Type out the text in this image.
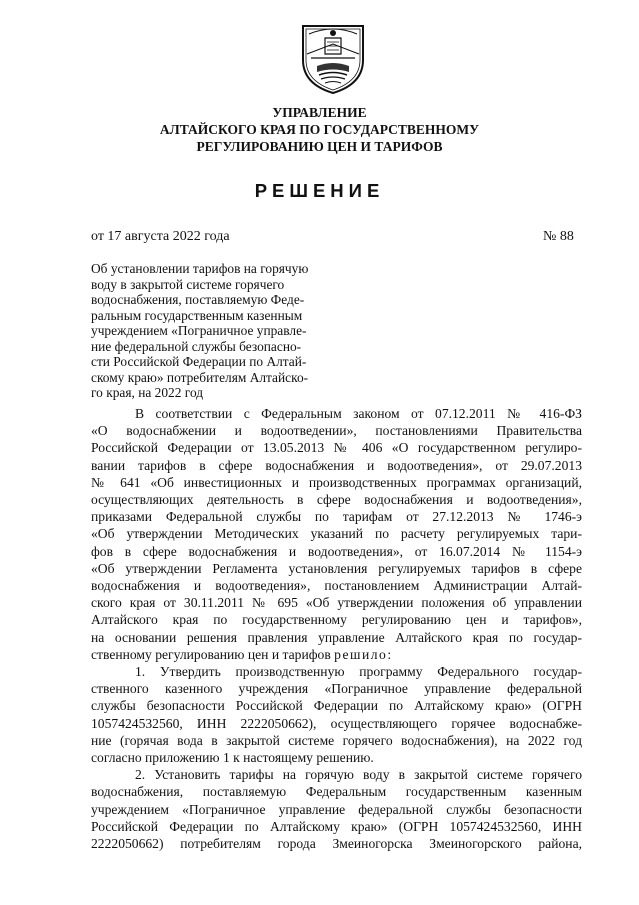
УПРАВЛЕНИЕ
АЛТАЙСКОГО КРАЯ ПО ГОСУДАРСТВЕННОМУ
РЕГУЛИРОВАНИЮ ЦЕН И ТАРИФОВ
РЕШЕНИЕ
от 17 августа 2022 года	№ 88
Об установлении тарифов на горячую
воду в закрытой системе горячего
водоснабжения, поставляемую Феде-
ральным государственным казенным
учреждением «Пограничное управле-
ние федеральной службы безопасно-
сти Российской Федерации по Алтай-
скому краю» потребителям Алтайско-
го края, на 2022 год
В соответствии с Федеральным законом от 07.12.2011 № 416-ФЗ
«О водоснабжении и водоотведении», постановлениями Правительства
Российской Федерации от 13.05.2013 № 406 «О государственном регулиро-
вании тарифов в сфере водоснабжения и водоотведения», от 29.07.2013
№ 641 «Об инвестиционных и производственных программах организаций,
осуществляющих деятельность в сфере водоснабжения и водоотведения»,
приказами Федеральной службы по тарифам от 27.12.2013 № 1746-э
«Об утверждении Методических указаний по расчету регулируемых тари-
фов в сфере водоснабжения и водоотведения», от 16.07.2014 № 1154-э
«Об утверждении Регламента установления регулируемых тарифов в сфере
водоснабжения и водоотведения», постановлением Администрации Алтай-
ского края от 30.11.2011 № 695 «Об утверждении положения об управлении
Алтайского края по государственному регулированию цен и тарифов»,
на основании решения правления управление Алтайского края по государ-
ственному регулированию цен и тарифов решило:
1. Утвердить производственную программу Федерального государ-
ственного казенного учреждения «Пограничное управление федеральной
службы безопасности Российской Федерации по Алтайскому краю» (ОГРН
1057424532560, ИНН 2222050662), осуществляющего горячее водоснабже-
ние (горячая вода в закрытой системе горячего водоснабжения), на 2022 год
согласно приложению 1 к настоящему решению.
2. Установить тарифы на горячую воду в закрытой системе горячего
водоснабжения, поставляемую Федеральным государственным казенным
учреждением «Пограничное управление федеральной службы безопасности
Российской Федерации по Алтайскому краю» (ОГРН 1057424532560, ИНН
2222050662) потребителям города Змеиногорска Змеиногорского района,
